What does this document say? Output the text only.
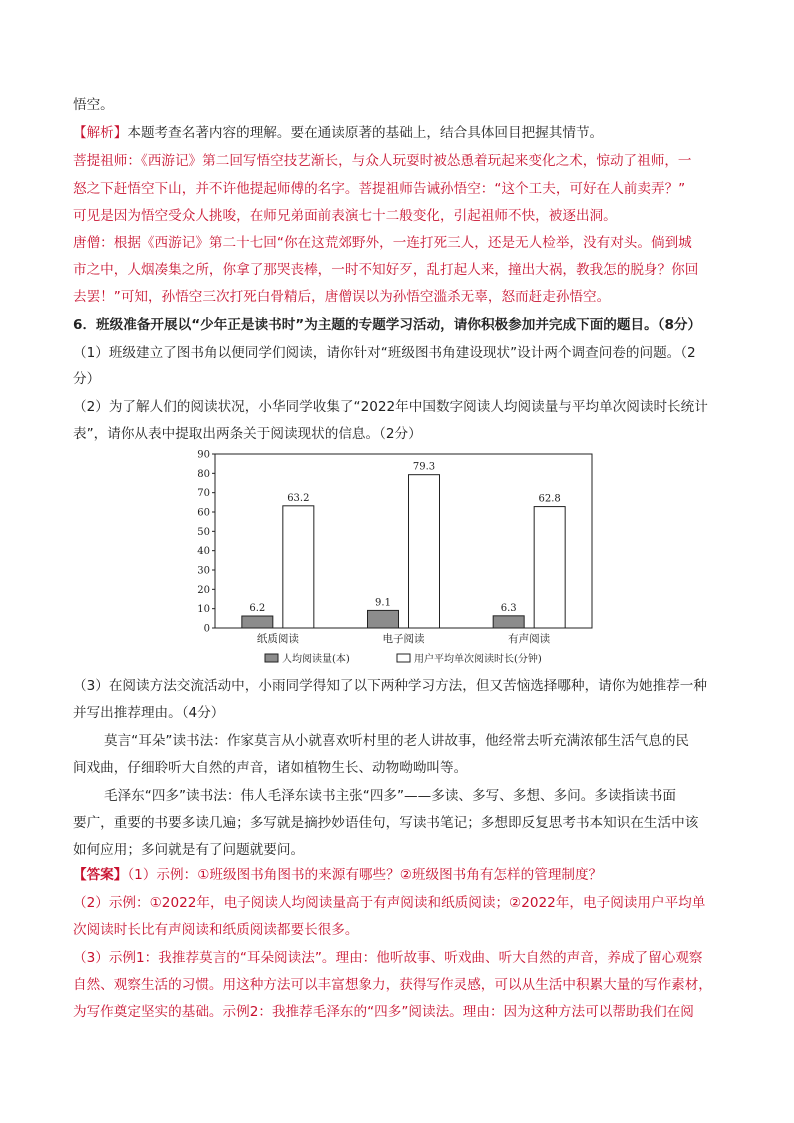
悟空。
【解析】本题考查名著内容的理解。要在通读原著的基础上，结合具体回目把握其情节。
菩提祖师：《西游记》第二回写悟空技艺渐长，与众人玩耍时被怂恿着玩起来变化之术，惊动了祖师，一
怒之下赶悟空下山，并不许他提起师傅的名字。菩提祖师告诫孙悟空：“这个工夫，可好在人前卖弄？”
可见是因为悟空受众人挑唆，在师兄弟面前表演七十二般变化，引起祖师不快，被逐出洞。
唐僧：根据《西游记》第二十七回“你在这荒郊野外，一连打死三人，还是无人检举，没有对头。倘到城
市之中，人烟凑集之所，你拿了那哭丧棒，一时不知好歹，乱打起人来，撞出大祸，教我怎的脱身？你回
去罢！”可知，孙悟空三次打死白骨精后，唐僧误以为孙悟空滥杀无辜，怒而赶走孙悟空。
6．班级准备开展以“少年正是读书时”为主题的专题学习活动，请你积极参加并完成下面的题目。（8分）
（1）班级建立了图书角以便同学们阅读，请你针对“班级图书角建设现状”设计两个调查问卷的问题。（2
分）
（2）为了解人们的阅读状况，小华同学收集了“2022年中国数字阅读人均阅读量与平均单次阅读时长统计
表”，请你从表中提取出两条关于阅读现状的信息。（2分）
0
10
20
30
40
50
60
70
80
90
6.2
63.2
纸质阅读
9.1
79.3
电子阅读
6.3
62.8
有声阅读
人均阅读量(本)	用户平均单次阅读时长(分钟)
（3）在阅读方法交流活动中，小雨同学得知了以下两种学习方法，但又苦恼选择哪种，请你为她推荐一种
并写出推荐理由。（4分）
莫言“耳朵”读书法：作家莫言从小就喜欢听村里的老人讲故事，他经常去听充满浓郁生活气息的民
间戏曲，仔细聆听大自然的声音，诸如植物生长、动物呦呦叫等。
毛泽东“四多”读书法：伟人毛泽东读书主张“四多”——多读、多写、多想、多问。多读指读书面
要广，重要的书要多读几遍；多写就是摘抄妙语佳句，写读书笔记；多想即反复思考书本知识在生活中该
如何应用；多问就是有了问题就要问。
【答案】（1）示例：①班级图书角图书的来源有哪些？②班级图书角有怎样的管理制度？
（2）示例：①2022年，电子阅读人均阅读量高于有声阅读和纸质阅读；②2022年，电子阅读用户平均单
次阅读时长比有声阅读和纸质阅读都要长很多。
（3）示例1：我推荐莫言的“耳朵阅读法”。理由：他听故事、听戏曲、听大自然的声音，养成了留心观察
自然、观察生活的习惯。用这种方法可以丰富想象力，获得写作灵感，可以从生活中积累大量的写作素材，
为写作奠定坚实的基础。示例2：我推荐毛泽东的“四多”阅读法。理由：因为这种方法可以帮助我们在阅
